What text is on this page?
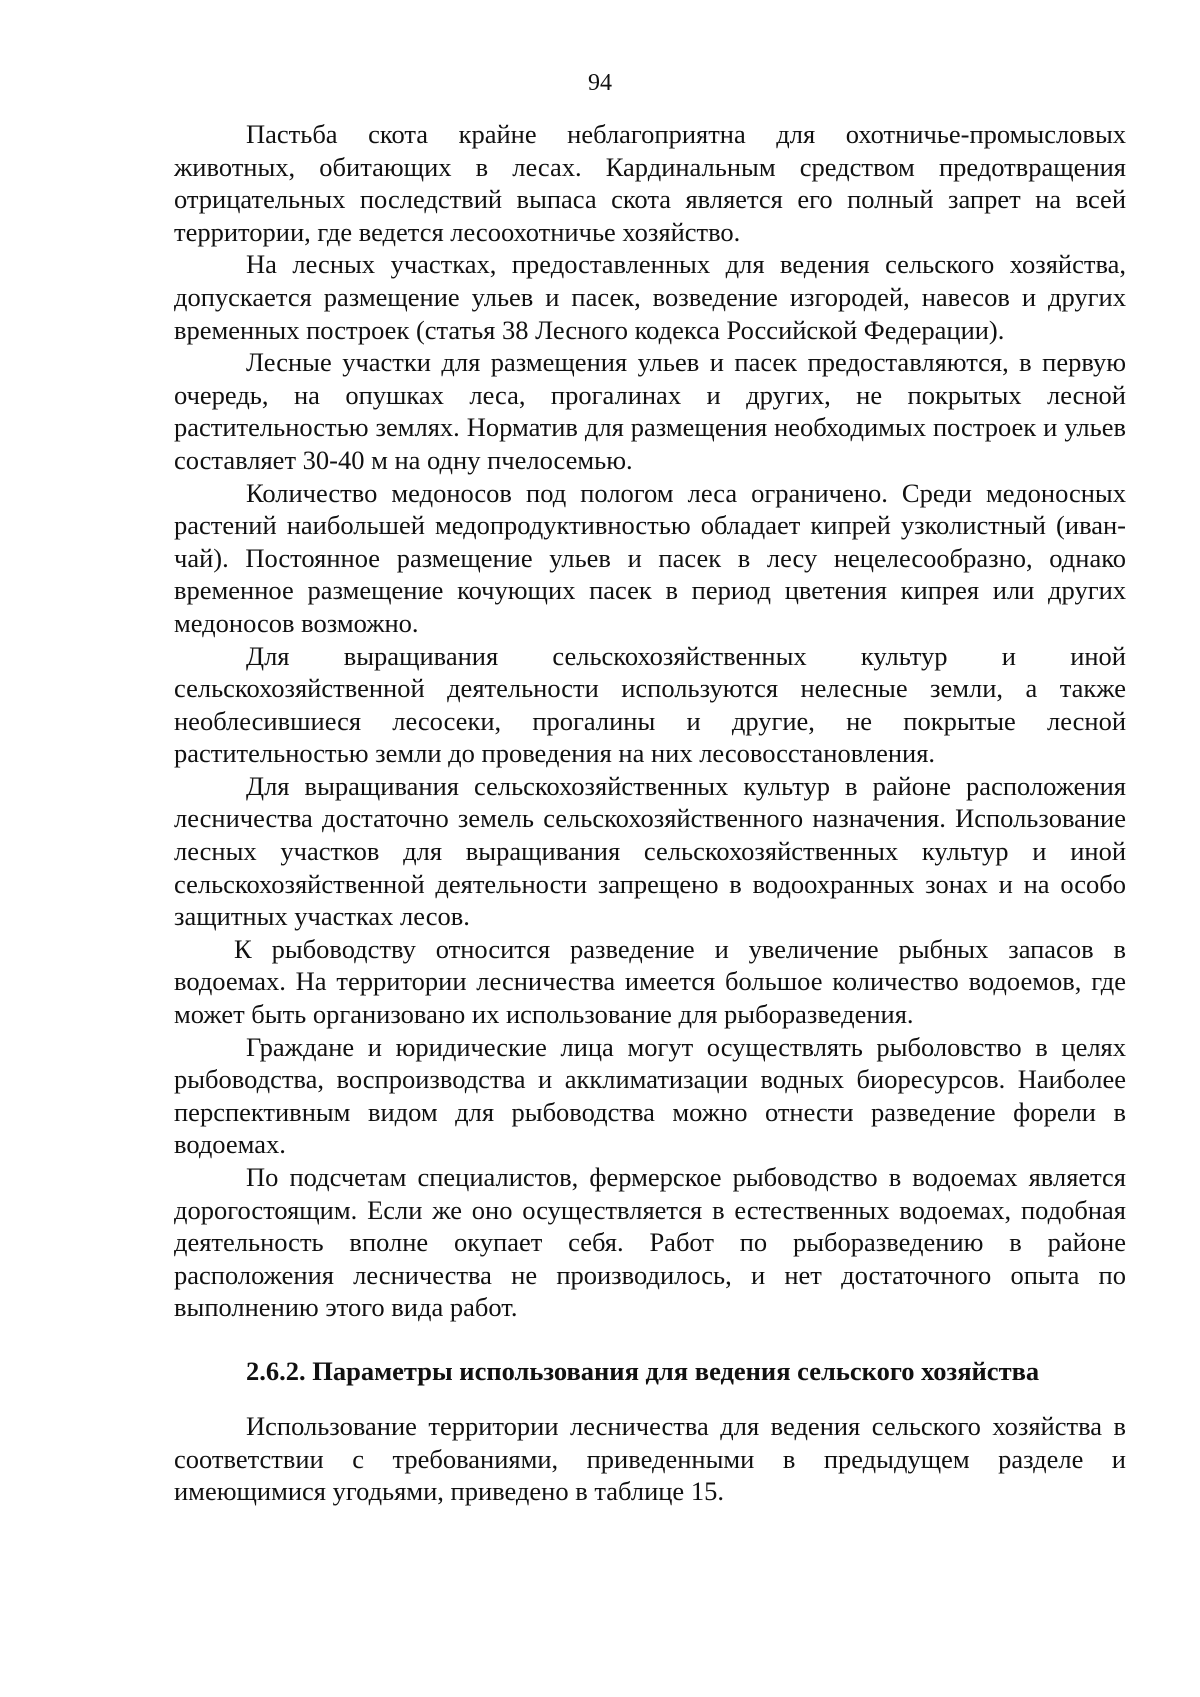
94

Пастьба скота крайне неблагоприятна для охотничье-промысловых животных, обитающих в лесах. Кардинальным средством предотвращения отрицательных последствий выпаса скота является его полный запрет на всей территории, где ведется лесоохотничье хозяйство.

На лесных участках, предоставленных для ведения сельского хозяйства, допускается размещение ульев и пасек, возведение изгородей, навесов и других временных построек (статья 38 Лесного кодекса Российской Федерации).

Лесные участки для размещения ульев и пасек предоставляются, в первую очередь, на опушках леса, прогалинах и других, не покрытых лесной растительностью землях. Норматив для размещения необходимых построек и ульев составляет 30-40 м на одну пчелосемью.

Количество медоносов под пологом леса ограничено. Среди медоносных растений наибольшей медопродуктивностью обладает кипрей узколистный (иван-чай). Постоянное размещение ульев и пасек в лесу нецелесообразно, однако временное размещение кочующих пасек в период цветения кипрея или других медоносов возможно.

Для выращивания сельскохозяйственных культур и иной сельскохозяйственной деятельности используются нелесные земли, а также необлесившиеся лесосеки, прогалины и другие, не покрытые лесной растительностью земли до проведения на них лесовосстановления.

Для выращивания сельскохозяйственных культур в районе расположения лесничества достаточно земель сельскохозяйственного назначения. Использование лесных участков для выращивания сельскохозяйственных культур и иной сельскохозяйственной деятельности запрещено в водоохранных зонах и на особо защитных участках лесов.

К рыбоводству относится разведение и увеличение рыбных запасов в водоемах. На территории лесничества имеется большое количество водоемов, где может быть организовано их использование для рыборазведения.

Граждане и юридические лица могут осуществлять рыболовство в целях рыбоводства, воспроизводства и акклиматизации водных биоресурсов. Наиболее перспективным видом для рыбоводства можно отнести разведение форели в водоемах.

По подсчетам специалистов, фермерское рыбоводство в водоемах является дорогостоящим. Если же оно осуществляется в естественных водоемах, подобная деятельность вполне окупает себя. Работ по рыборазведению в районе расположения лесничества не производилось, и нет достаточного опыта по выполнению этого вида работ.

2.6.2. Параметры использования для ведения сельского хозяйства

Использование территории лесничества для ведения сельского хозяйства в соответствии с требованиями, приведенными в предыдущем разделе и имеющимися угодьями, приведено в таблице 15.
